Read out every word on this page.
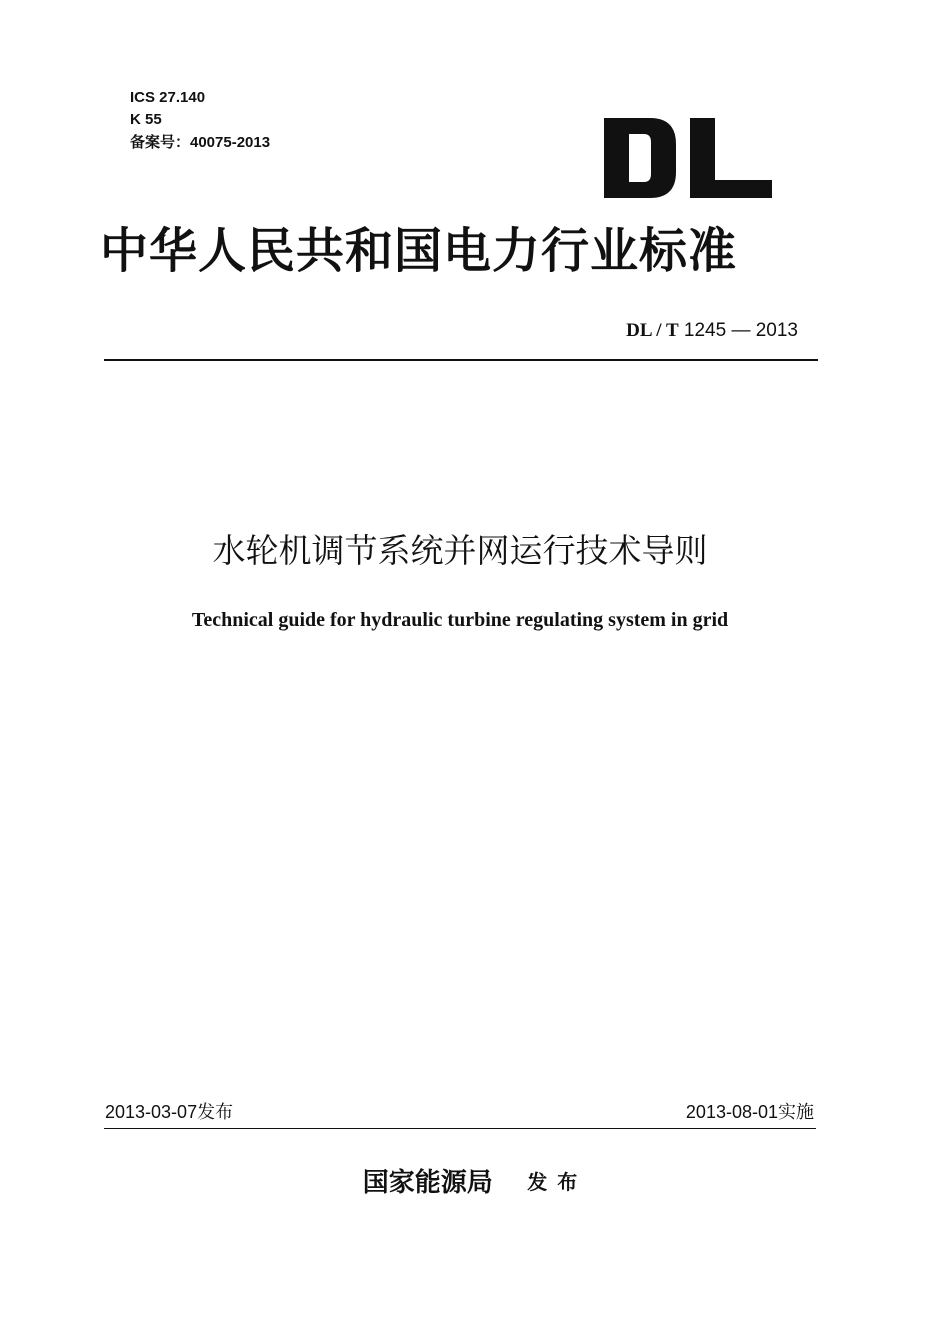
ICS 27.140
K 55
备案号：40075-2013
中华人民共和国电力行业标准
DL / T 1245 — 2013
水轮机调节系统并网运行技术导则
Technical guide for hydraulic turbine regulating system in grid
2013-03-07发布	2013-08-01实施
国家能源局 发布
